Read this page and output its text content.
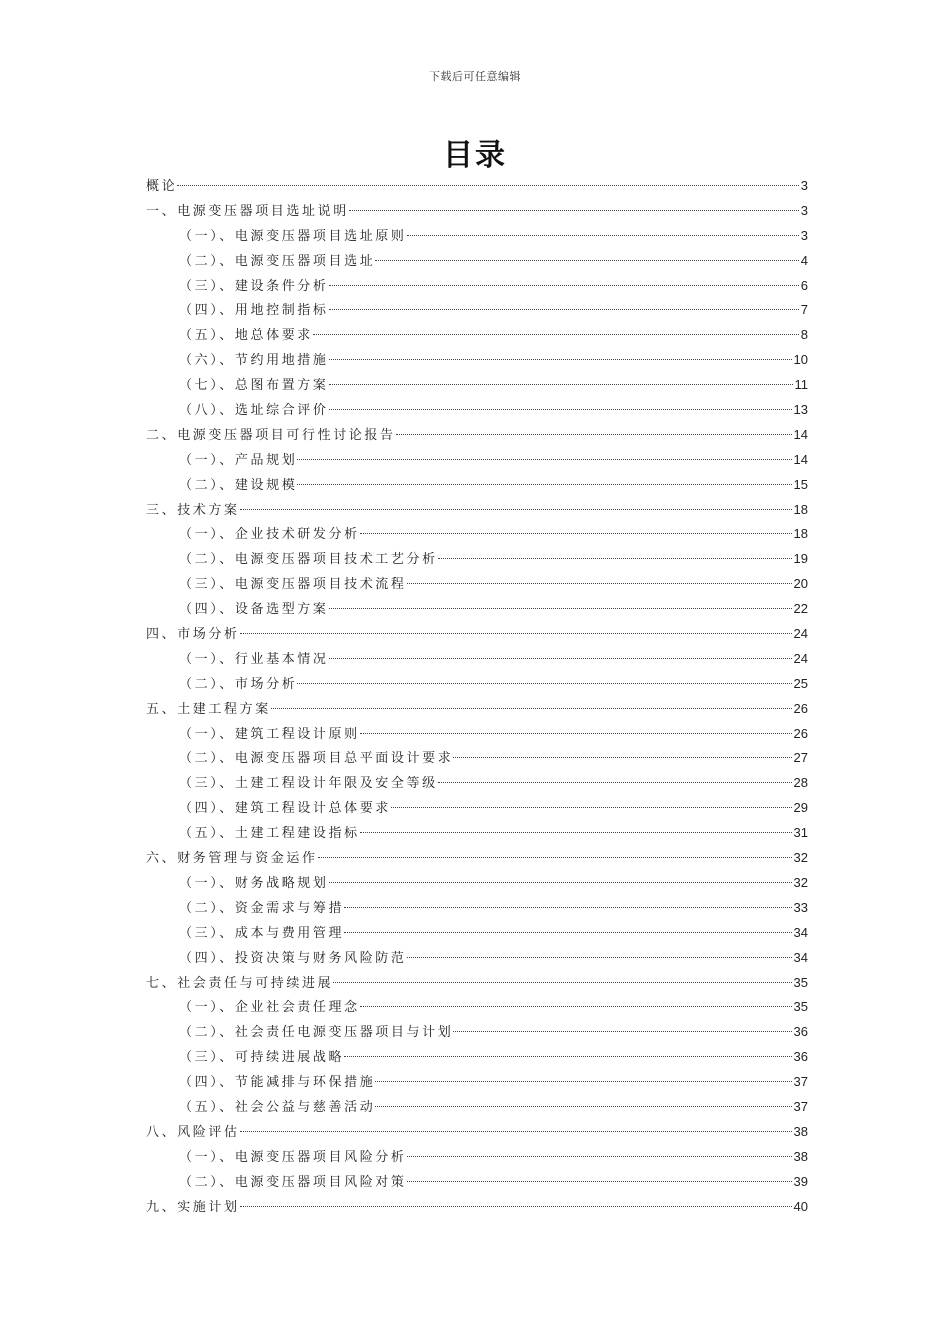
下载后可任意编辑
目录
概论	3
一、电源变压器项目选址说明	3
（一）、电源变压器项目选址原则	3
（二）、电源变压器项目选址	4
（三）、建设条件分析	6
（四）、用地控制指标	7
（五）、地总体要求	8
（六）、节约用地措施	10
（七）、总图布置方案	11
（八）、选址综合评价	13
二、电源变压器项目可行性讨论报告	14
（一）、产品规划	14
（二）、建设规模	15
三、技术方案	18
（一）、企业技术研发分析	18
（二）、电源变压器项目技术工艺分析	19
（三）、电源变压器项目技术流程	20
（四）、设备选型方案	22
四、市场分析	24
（一）、行业基本情况	24
（二）、市场分析	25
五、土建工程方案	26
（一）、建筑工程设计原则	26
（二）、电源变压器项目总平面设计要求	27
（三）、土建工程设计年限及安全等级	28
（四）、建筑工程设计总体要求	29
（五）、土建工程建设指标	31
六、财务管理与资金运作	32
（一）、财务战略规划	32
（二）、资金需求与筹措	33
（三）、成本与费用管理	34
（四）、投资决策与财务风险防范	34
七、社会责任与可持续进展	35
（一）、企业社会责任理念	35
（二）、社会责任电源变压器项目与计划	36
（三）、可持续进展战略	36
（四）、节能减排与环保措施	37
（五）、社会公益与慈善活动	37
八、风险评估	38
（一）、电源变压器项目风险分析	38
（二）、电源变压器项目风险对策	39
九、实施计划	40
